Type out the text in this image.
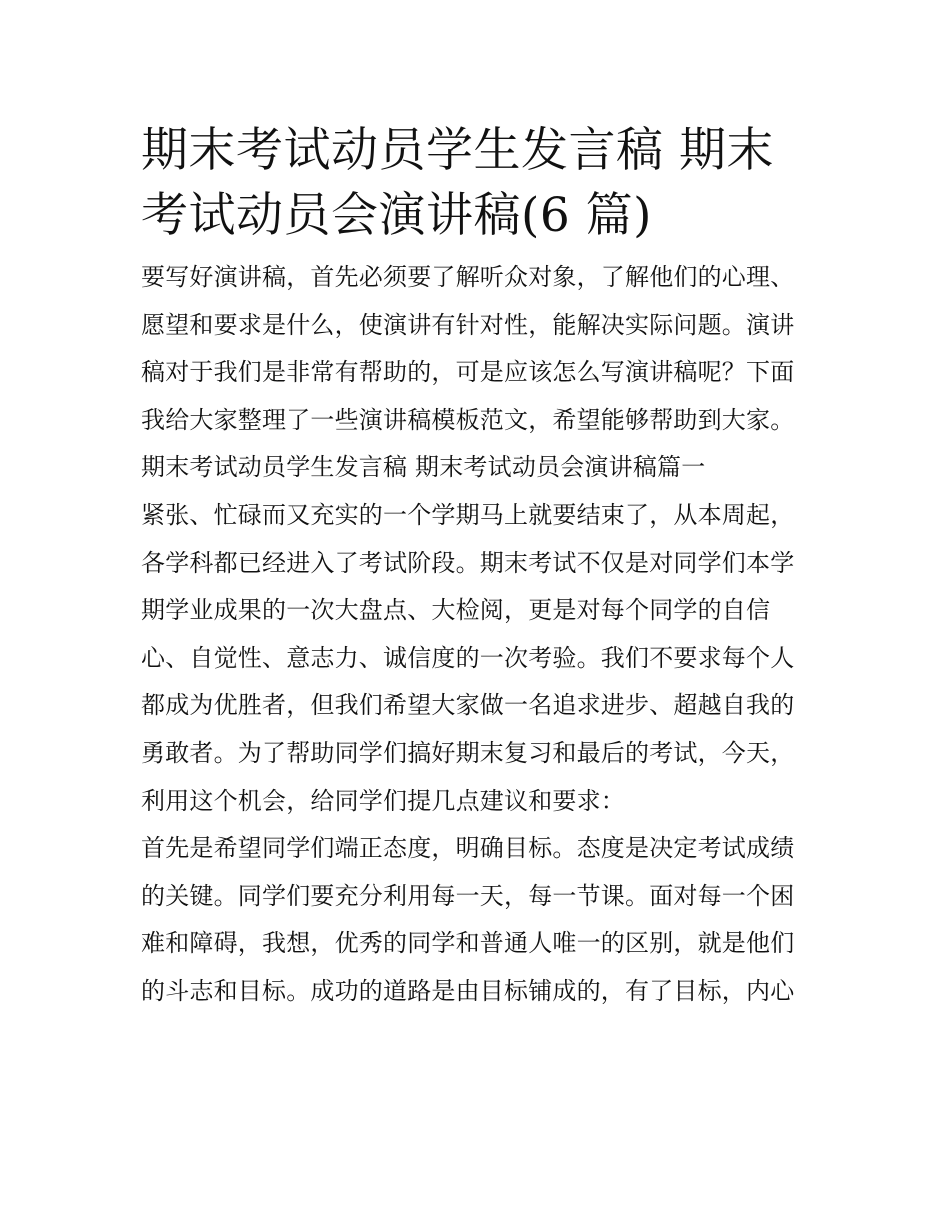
期末考试动员学生发言稿 期末
考试动员会演讲稿(6 篇)
要写好演讲稿，首先必须要了解听众对象，了解他们的心理、
愿望和要求是什么，使演讲有针对性，能解决实际问题。演讲
稿对于我们是非常有帮助的，可是应该怎么写演讲稿呢？下面
我给大家整理了一些演讲稿模板范文，希望能够帮助到大家。
期末考试动员学生发言稿 期末考试动员会演讲稿篇一
紧张、忙碌而又充实的一个学期马上就要结束了，从本周起，
各学科都已经进入了考试阶段。期末考试不仅是对同学们本学
期学业成果的一次大盘点、大检阅，更是对每个同学的自信
心、自觉性、意志力、诚信度的一次考验。我们不要求每个人
都成为优胜者，但我们希望大家做一名追求进步、超越自我的
勇敢者。为了帮助同学们搞好期末复习和最后的考试，今天，
利用这个机会，给同学们提几点建议和要求：
首先是希望同学们端正态度，明确目标。态度是决定考试成绩
的关键。同学们要充分利用每一天，每一节课。面对每一个困
难和障碍，我想，优秀的同学和普通人唯一的区别，就是他们
的斗志和目标。成功的道路是由目标铺成的，有了目标，内心
